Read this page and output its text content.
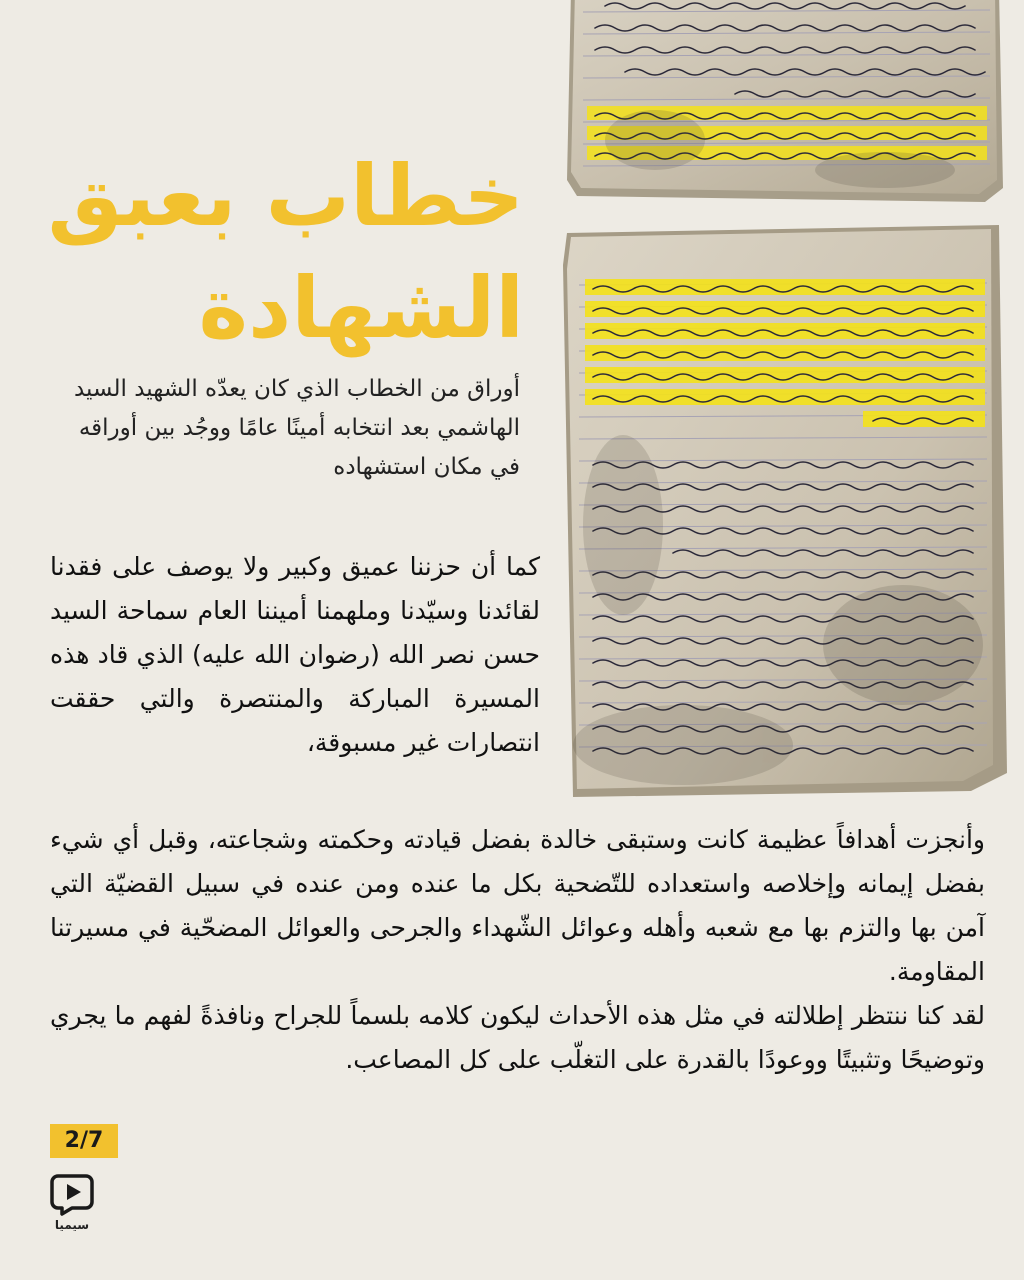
خطاب بعبق
الشهادة

أوراق من الخطاب الذي كان يعدّه الشهيد السيد الهاشمي بعد انتخابه أمينًا عامًا ووجُد بين أوراقه في مكان استشهاده

كما أن حزننا عميق وكبير ولا يوصف على فقدنا لقائدنا وسيّدنا وملهمنا أميننا العام سماحة السيد حسن نصر الله (رضوان الله عليه) الذي قاد هذه المسيرة المباركة والمنتصرة والتي حققت انتصارات غير مسبوقة،

وأنجزت أهدافاً عظيمة كانت وستبقى خالدة بفضل قيادته وحكمته وشجاعته، وقبل أي شيء بفضل إيمانه وإخلاصه واستعداده للتّضحية بكل ما عنده ومن عنده في سبيل القضيّة التي آمن بها والتزم بها مع شعبه وأهله وعوائل الشّهداء والجرحى والعوائل المضحّية في مسيرتنا المقاومة.

لقد كنا ننتظر إطلالته في مثل هذه الأحداث ليكون كلامه بلسماً للجراح ونافذةً لفهم ما يجري وتوضيحًا وتثبيتًا ووعودًا بالقدرة على التغلّب على كل المصاعب.

2/7
سيميا
